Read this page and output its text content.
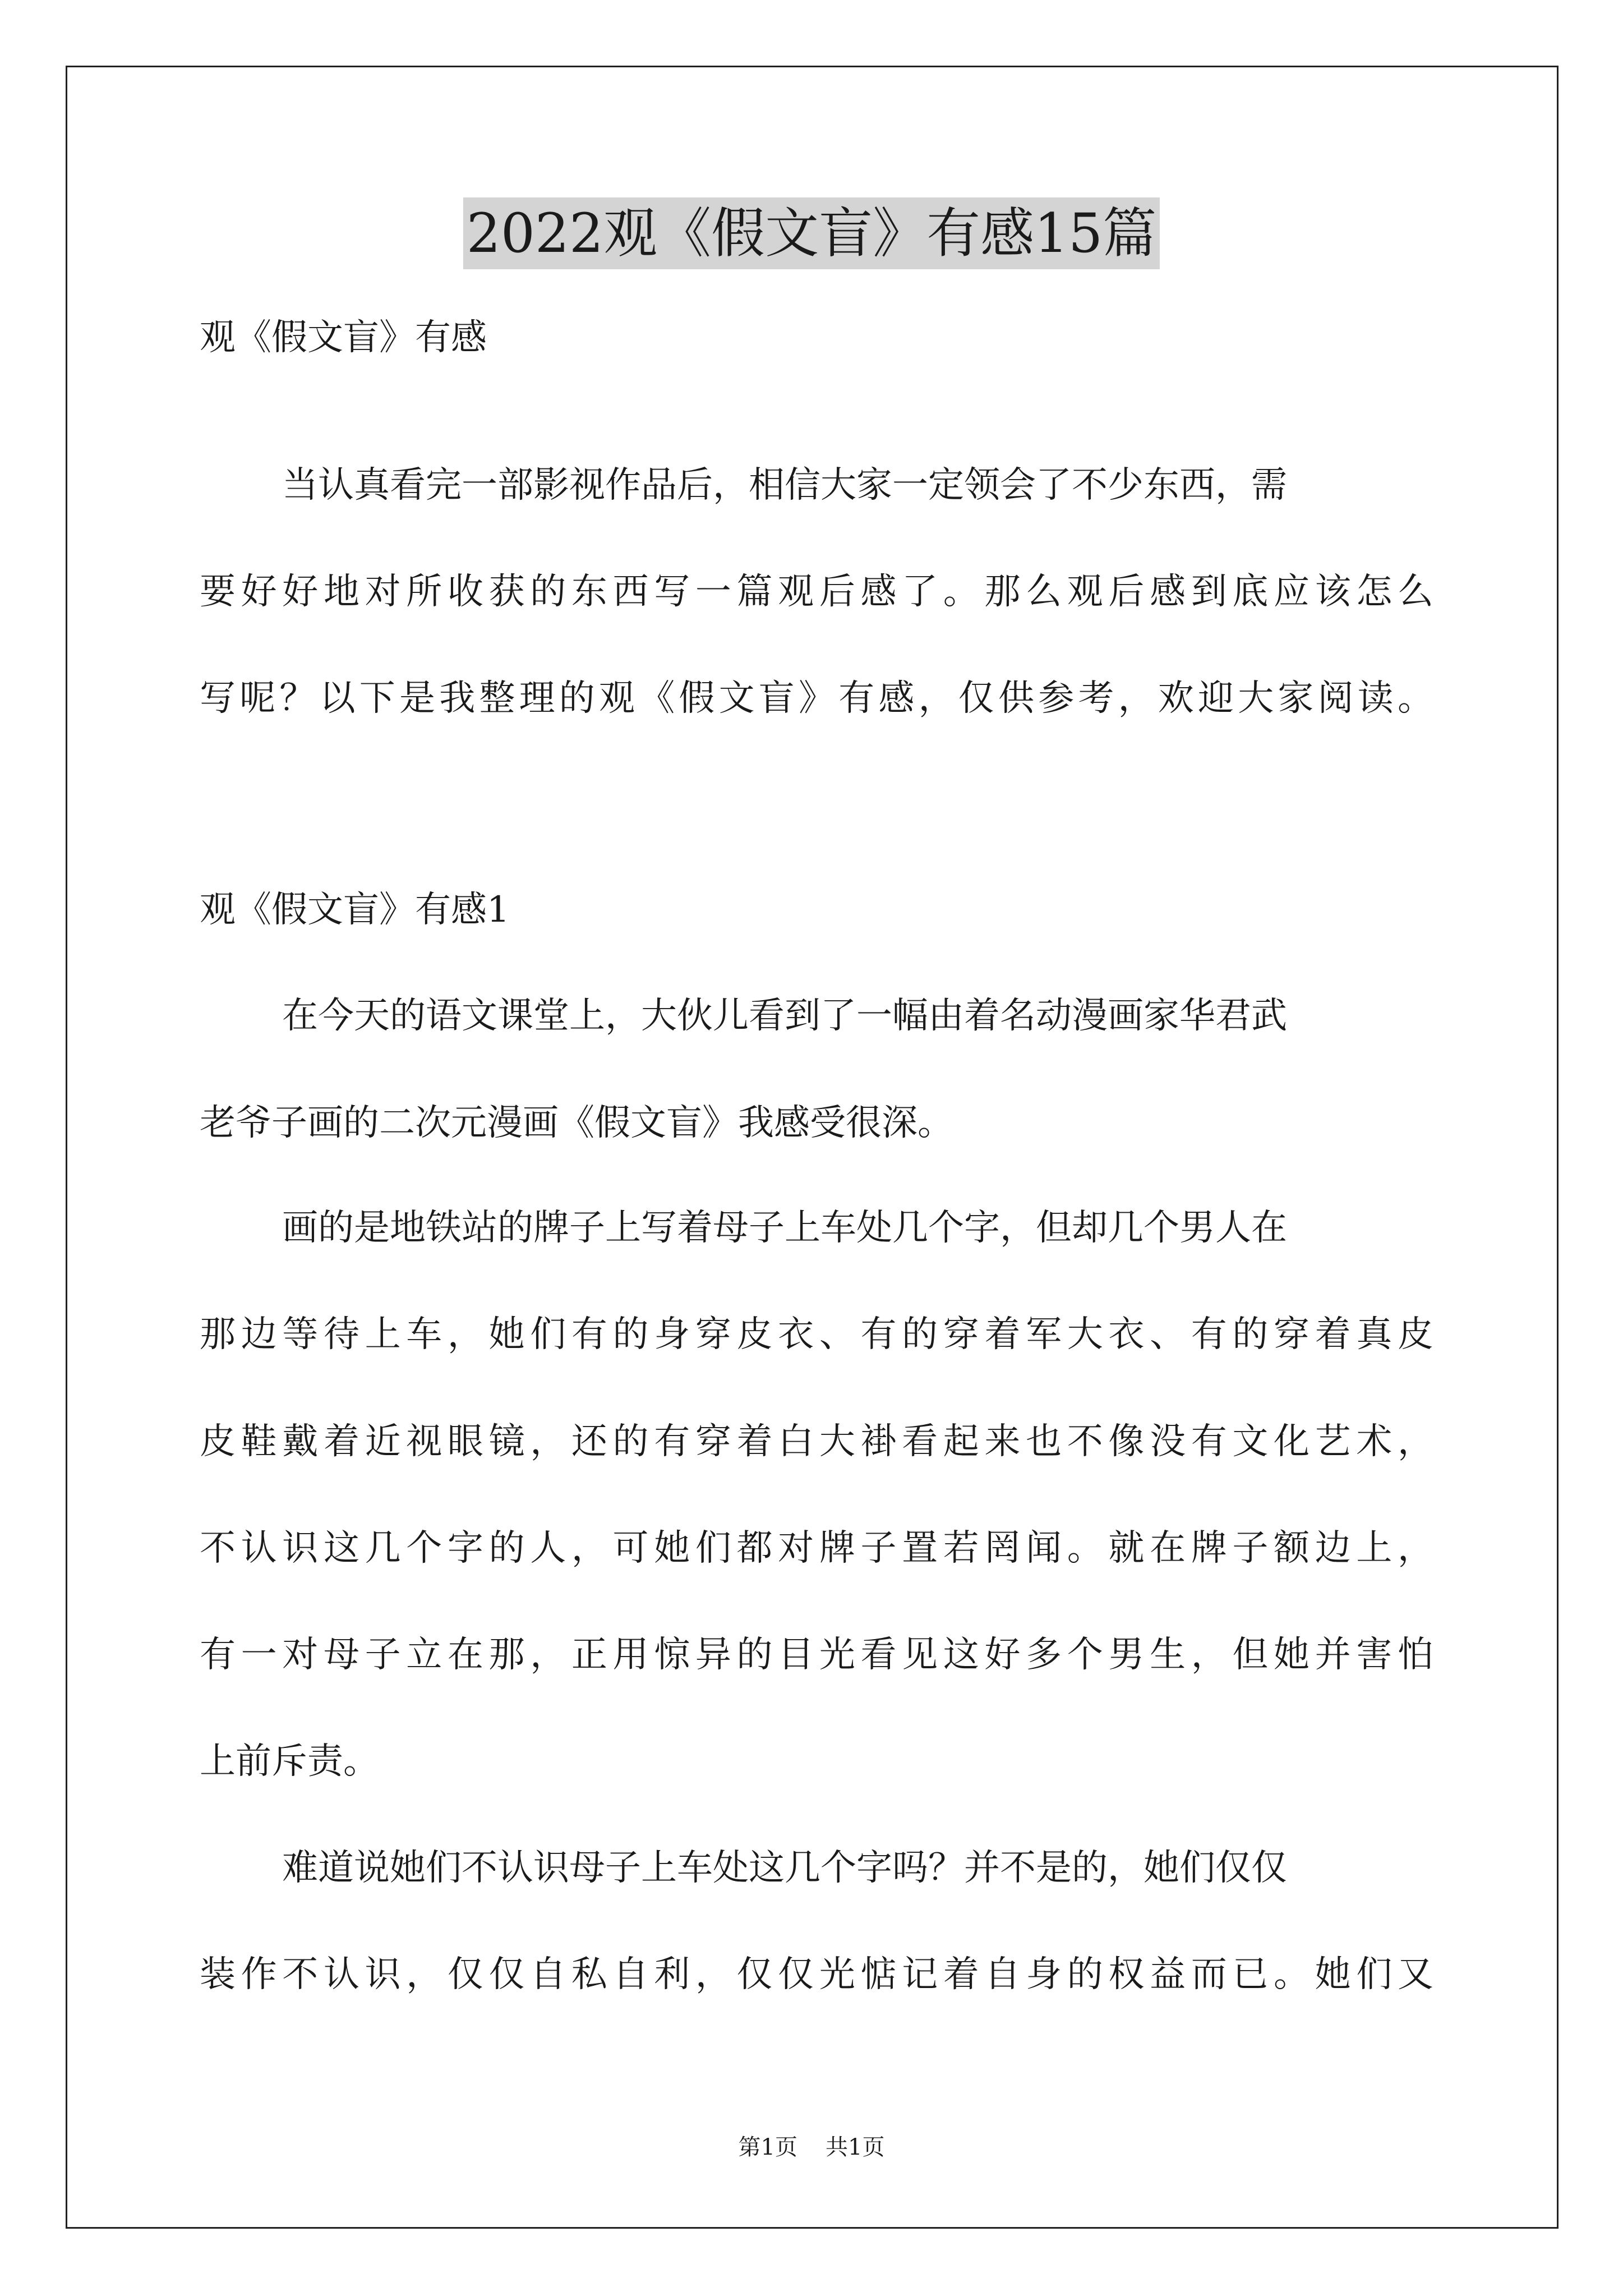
2022观《假文盲》有感15篇
观《假文盲》有感
当认真看完一部影视作品后，相信大家一定领会了不少东西，需
要好好地对所收获的东西写一篇观后感了。那么观后感到底应该怎么
写呢？以下是我整理的观《假文盲》有感，仅供参考，欢迎大家阅读。
观《假文盲》有感1
在今天的语文课堂上，大伙儿看到了一幅由着名动漫画家华君武
老爷子画的二次元漫画《假文盲》我感受很深。
画的是地铁站的牌子上写着母子上车处几个字，但却几个男人在
那边等待上车，她们有的身穿皮衣、有的穿着军大衣、有的穿着真皮
皮鞋戴着近视眼镜，还的有穿着白大褂看起来也不像没有文化艺术，
不认识这几个字的人，可她们都对牌子置若罔闻。就在牌子额边上，
有一对母子立在那，正用惊异的目光看见这好多个男生，但她并害怕
上前斥责。
难道说她们不认识母子上车处这几个字吗？并不是的，她们仅仅
装作不认识，仅仅自私自利，仅仅光惦记着自身的权益而已。她们又
第1页 共1页
